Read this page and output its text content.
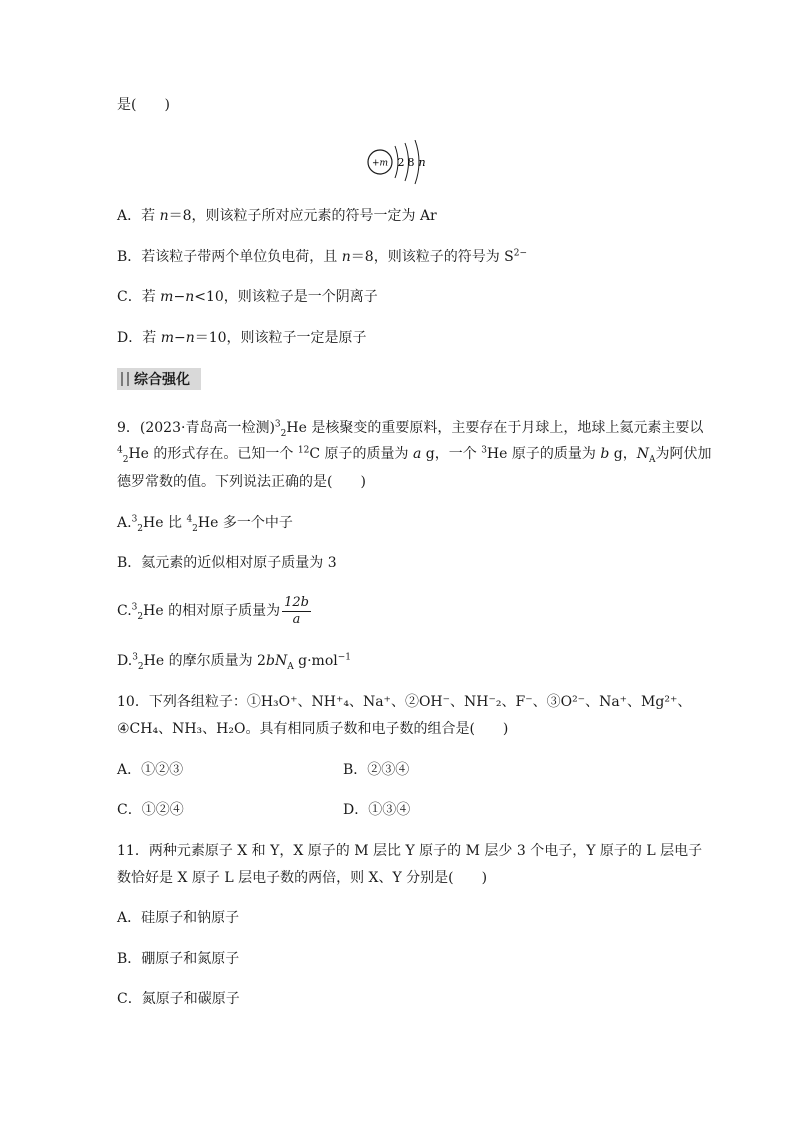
是(　　)
+m 2 8 n
A．若 n＝8，则该粒子所对应元素的符号一定为 Ar
B．若该粒子带两个单位负电荷，且 n＝8，则该粒子的符号为 $S^{2-}$
C．若 m−n<10，则该粒子是一个阴离子
D．若 m−n＝10，则该粒子一定是原子
综合强化
9．(2023·青岛高一检测)$^3_2$He 是核聚变的重要原料，主要存在于月球上，地球上氦元素主要以
$^4_2$He 的形式存在。已知一个 $^{12}$C 原子的质量为 a g，一个 $^3$He 原子的质量为 b g，$N_A$为阿伏加
德罗常数的值。下列说法正确的是(　　)
A.$^3_2$He 比 $^4_2$He 多一个中子
B．氦元素的近似相对原子质量为 3
C.$^3_2$He 的相对原子质量为 $\frac{12b}{a}$
D.$^3_2$He 的摩尔质量为 $2bN_A$ g·mol$^{-1}$
10．下列各组粒子：①H₃O⁺、NH⁺₄、Na⁺、②OH⁻、NH⁻₂、F⁻、③O²⁻、Na⁺、Mg²⁺、
④CH₄、NH₃、H₂O。具有相同质子数和电子数的组合是(　　)
A．①②③	B．②③④
C．①②④	D．①③④
11．两种元素原子 X 和 Y，X 原子的 M 层比 Y 原子的 M 层少 3 个电子，Y 原子的 L 层电子
数恰好是 X 原子 L 层电子数的两倍，则 X、Y 分别是(　　)
A．硅原子和钠原子
B．硼原子和氮原子
C．氮原子和碳原子
